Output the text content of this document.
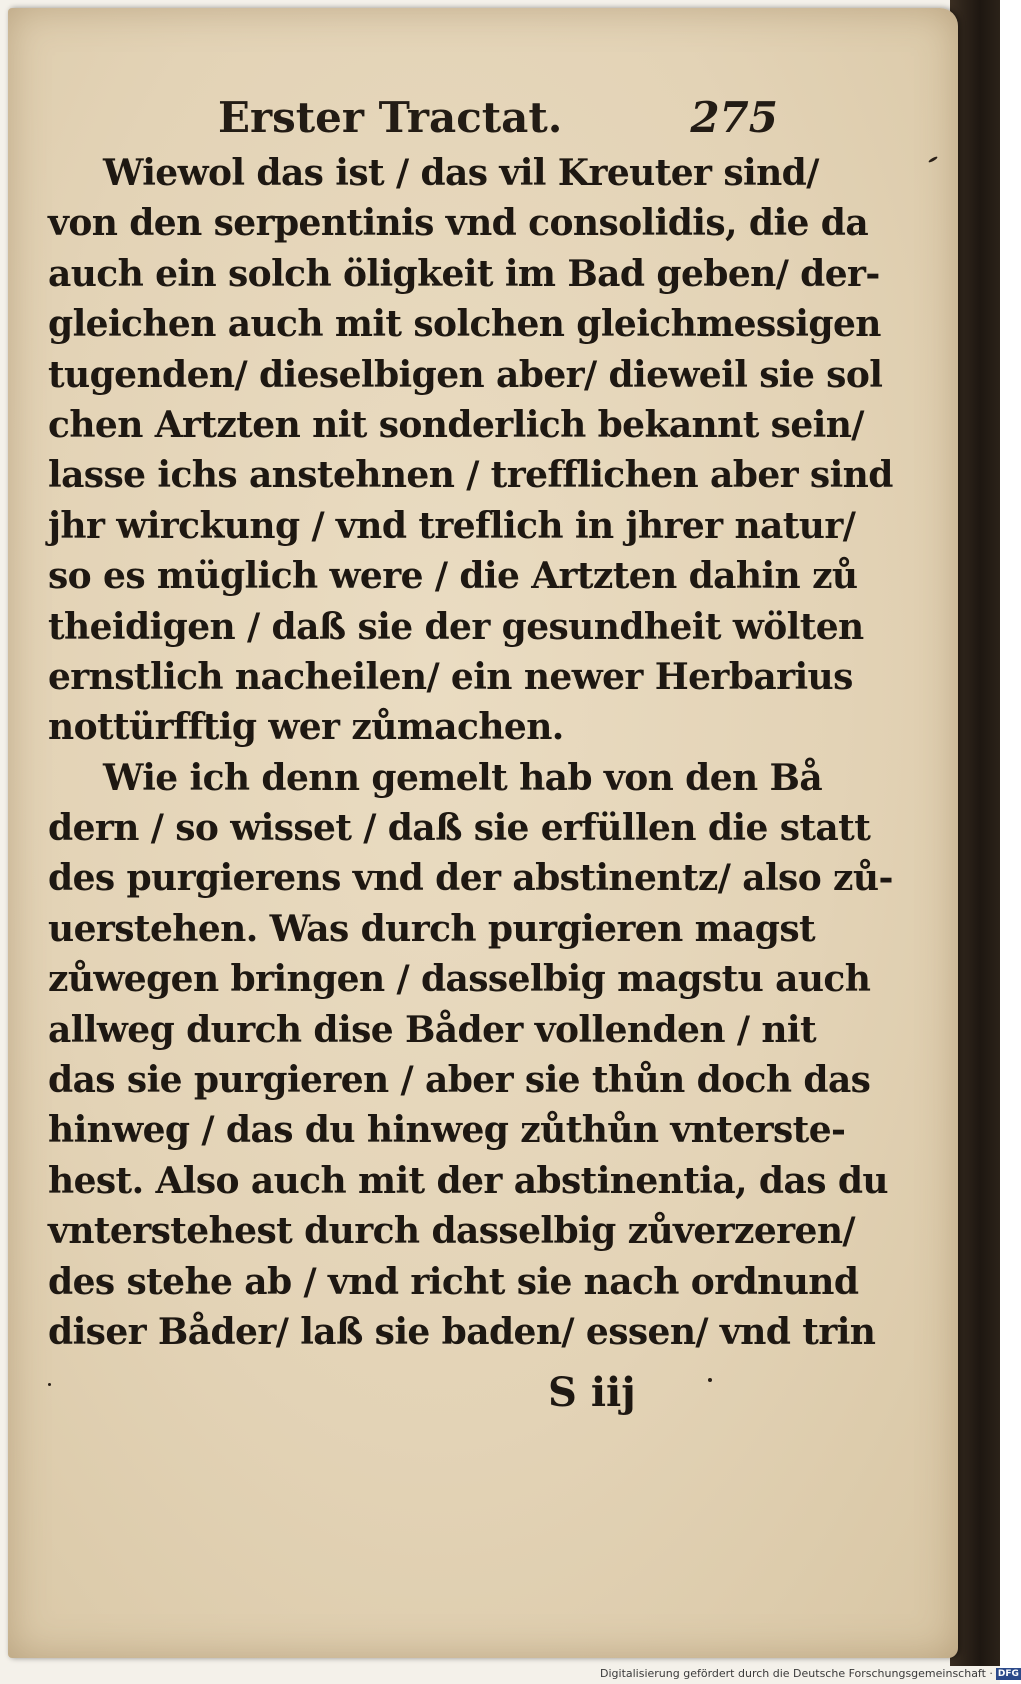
Erster Tractat.	275
Wiewol das ist / das vil Kreuter sind/
von den serpentinis vnd consolidis, die da
auch ein solch öligkeit im Bad geben/ der-
gleichen auch mit solchen gleichmessigen
tugenden/ dieselbigen aber/ dieweil sie sol
chen Artzten nit sonderlich bekannt sein/
lasse ichs anstehnen / trefflichen aber sind
jhr wirckung / vnd treflich in jhrer natur/
so es müglich were / die Artzten dahin zů
theidigen / daß sie der gesundheit wölten
ernstlich nacheilen/ ein newer Herbarius
nottürfftig wer zůmachen.
Wie ich denn gemelt hab von den Bå
dern / so wisset / daß sie erfüllen die statt
des purgierens vnd der abstinentz/ also zů-
uerstehen. Was durch purgieren magst
zůwegen bringen / dasselbig magstu auch
allweg durch dise Båder vollenden / nit
das sie purgieren / aber sie thůn doch das
hinweg / das du hinweg zůthůn vnterste-
hest. Also auch mit der abstinentia, das du
vnterstehest durch dasselbig zůverzeren/
des stehe ab / vnd richt sie nach ordnund
diser Båder/ laß sie baden/ essen/ vnd trin
S iij
Digitalisierung gefördert durch die Deutsche Forschungsgemeinschaft · DFG
